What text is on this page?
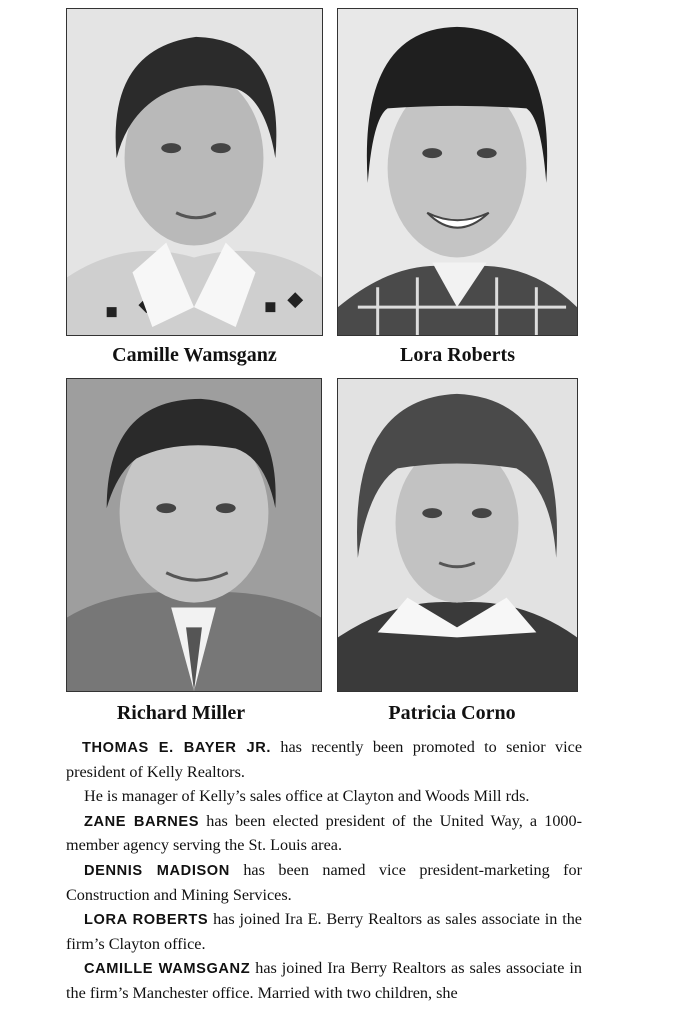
Camille Wamsganz	Lora Roberts
Richard Miller	Patricia Corno

THOMAS E. BAYER JR. has recently been promoted to senior vice president of Kelly Realtors.

He is manager of Kelly’s sales office at Clayton and Woods Mill rds.

ZANE BARNES has been elected president of the United Way, a 1000-member agency serving the St. Louis area.

DENNIS MADISON has been named vice president-marketing for Construction and Mining Services.

LORA ROBERTS has joined Ira E. Berry Realtors as sales associate in the firm’s Clayton office.

CAMILLE WAMSGANZ has joined Ira Berry Realtors as sales associate in the firm’s Manchester office. Married with two children, she
